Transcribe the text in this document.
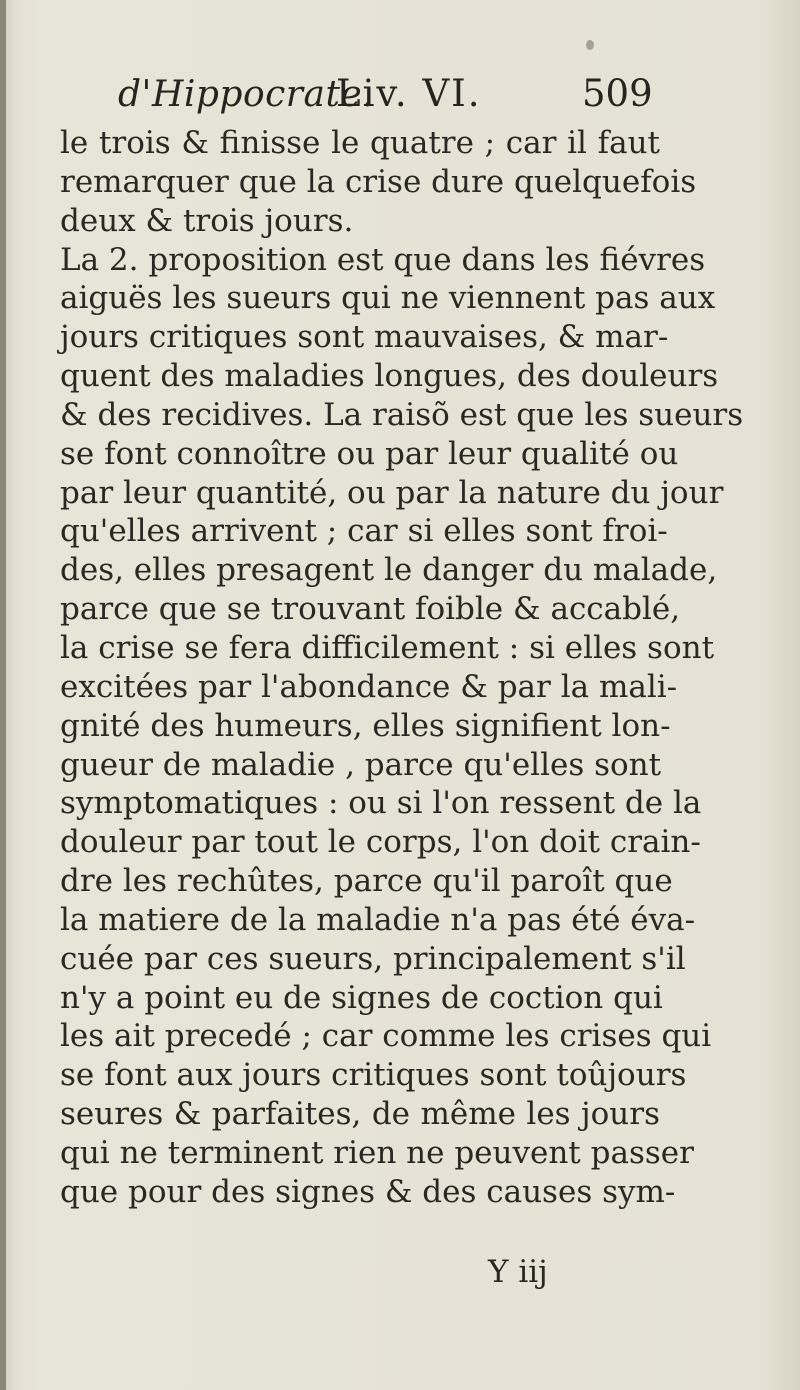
d'Hippocrate.
Liv. VI.	509
le trois & finisse le quatre ; car il faut
remarquer que la crise dure quelquefois
deux & trois jours.
La 2. proposition est que dans les fiévres
aiguës les sueurs qui ne viennent pas aux
jours critiques sont mauvaises, & mar-
quent des maladies longues, des douleurs
& des recidives. La raisõ est que les sueurs
se font connoître ou par leur qualité ou
par leur quantité, ou par la nature du jour
qu'elles arrivent ; car si elles sont froi-
des, elles presagent le danger du malade,
parce que se trouvant foible & accablé,
la crise se fera difficilement : si elles sont
excitées par l'abondance & par la mali-
gnité des humeurs, elles signifient lon-
gueur de maladie , parce qu'elles sont
symptomatiques : ou si l'on ressent de la
douleur par tout le corps, l'on doit crain-
dre les rechûtes, parce qu'il paroît que
la matiere de la maladie n'a pas été éva-
cuée par ces sueurs, principalement s'il
n'y a point eu de signes de coction qui
les ait precedé ; car comme les crises qui
se font aux jours critiques sont toûjours
seures & parfaites, de même les jours
qui ne terminent rien ne peuvent passer
que pour des signes & des causes sym-
Y iij
